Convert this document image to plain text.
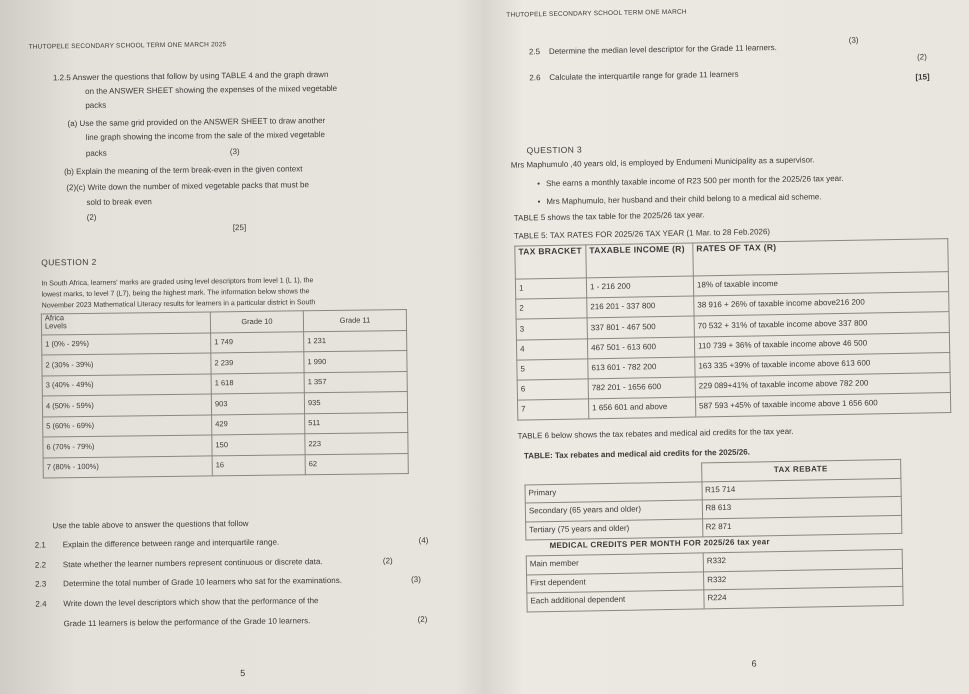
THUTOPELE SECONDARY SCHOOL TERM ONE MARCH 2025
1.2.5 Answer the questions that follow by using TABLE 4 and the graph drawn
on the ANSWER SHEET showing the expenses of the mixed vegetable
packs
(a) Use the same grid provided on the ANSWER SHEET to draw another
line graph showing the income from the sale of the mixed vegetable
packs	(3)
(b) Explain the meaning of the term break-even in the given context
(2)(c) Write down the number of mixed vegetable packs that must be
sold to break even
(2)
[25]
QUESTION 2
In South Africa, learners' marks are graded using level descriptors from level 1 (L 1), the
lowest marks, to level 7 (L7), being the highest mark. The information below shows the
November 2023 Mathematical Literacy results for learners in a particular district in South
Africa
Levels	Grade 10	Grade 11
1 (0% - 29%)	1 749	1 231
2 (30% - 39%)	2 239	1 990
3 (40% - 49%)	1 618	1 357
4 (50% - 59%)	903	935
5 (60% - 69%)	429	511
6 (70% - 79%)	150	223
7 (80% - 100%)	16	62
Use the table above to answer the questions that follow
2.1 Explain the difference between range and interquartile range.	(4)
2.2 State whether the learner numbers represent continuous or discrete data.	(2)
2.3 Determine the total number of Grade 10 learners who sat for the examinations.	(3)
2.4 Write down the level descriptors which show that the performance of the
Grade 11 learners is below the performance of the Grade 10 learners.	(2)
5
THUTOPELE SECONDARY SCHOOL TERM ONE MARCH
2.5 Determine the median level descriptor for the Grade 11 learners.
(3)
(2)
2.6 Calculate the interquartile range for grade 11 learners	[15]
QUESTION 3
Mrs Maphumulo ,40 years old, is employed by Endumeni Municipality as a supervisor.
• She earns a monthly taxable income of R23 500 per month for the 2025/26 tax year.
• Mrs Maphumulo, her husband and their child belong to a medical aid scheme.
TABLE 5 shows the tax table for the 2025/26 tax year.
TABLE 5: TAX RATES FOR 2025/26 TAX YEAR (1 Mar. to 28 Feb.2026)
TAX BRACKET	TAXABLE INCOME (R)	RATES OF TAX (R)
1	1 - 216 200	18% of taxable income
2	216 201 - 337 800	38 916 + 26% of taxable income above216 200
3	337 801 - 467 500	70 532 + 31% of taxable income above 337 800
4	467 501 - 613 600	110 739 + 36% of taxable income above 46 500
5	613 601 - 782 200	163 335 +39% of taxable income above 613 600
6	782 201 - 1656 600	229 089+41% of taxable income above 782 200
7	1 656 601 and above	587 593 +45% of taxable income above 1 656 600
TABLE 6 below shows the tax rebates and medical aid credits for the tax year.
TABLE: Tax rebates and medical aid credits for the 2025/26.
	TAX REBATE
Primary	R15 714
Secondary (65 years and older)	R8 613
Tertiary (75 years and older)	R2 871
MEDICAL CREDITS PER MONTH FOR 2025/26 tax year
Main member	R332
First dependent	R332
Each additional dependent	R224
6
